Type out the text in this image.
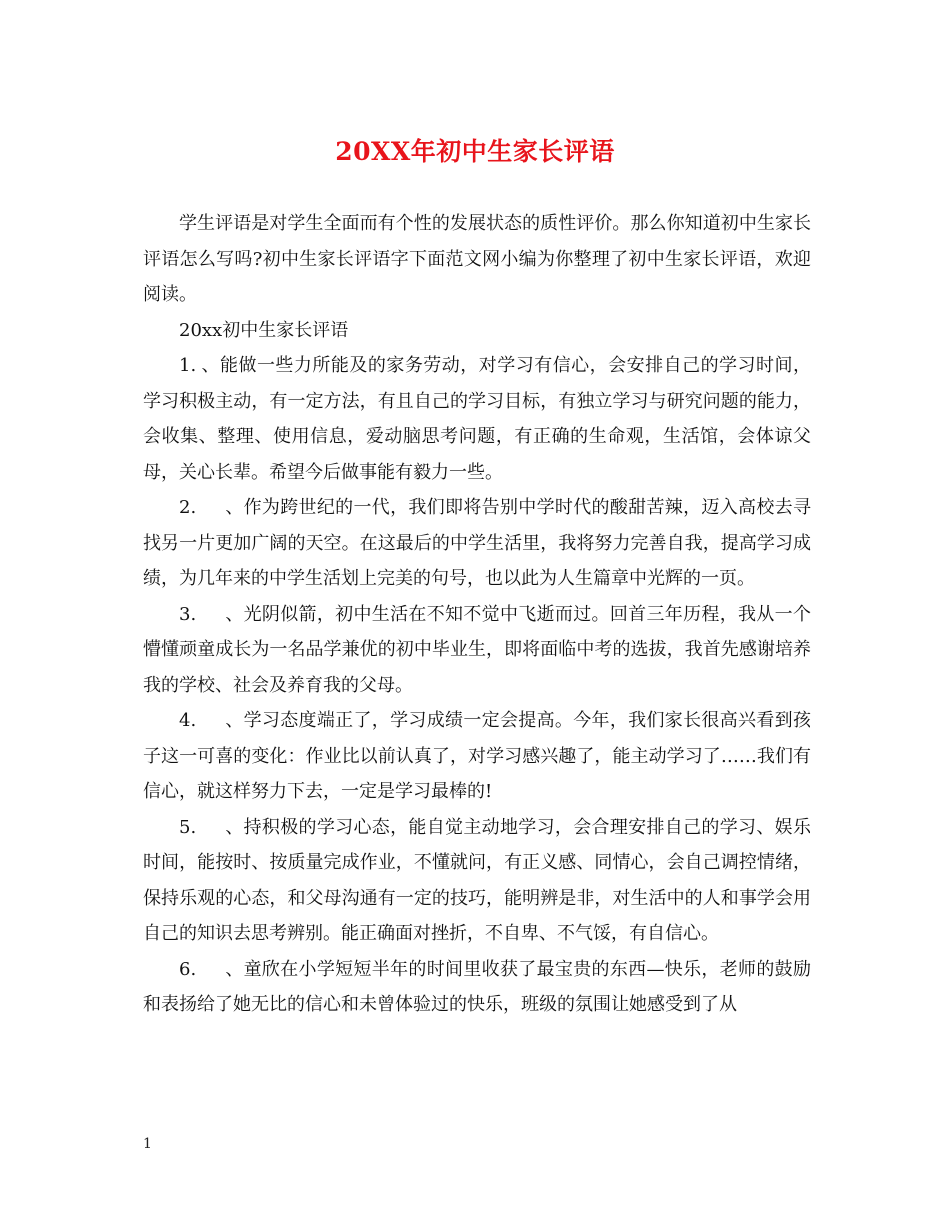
20XX年初中生家长评语

学生评语是对学生全面而有个性的发展状态的质性评价。那么你知道初中生家长评语怎么写吗?初中生家长评语字下面范文网小编为你整理了初中生家长评语，欢迎阅读。

20xx初中生家长评语

1. 、能做一些力所能及的家务劳动，对学习有信心，会安排自己的学习时间，学习积极主动，有一定方法，有且自己的学习目标，有独立学习与研究问题的能力，会收集、整理、使用信息，爱动脑思考问题，有正确的生命观，生活馆，会体谅父母，关心长辈。希望今后做事能有毅力一些。

2. 、作为跨世纪的一代，我们即将告别中学时代的酸甜苦辣，迈入高校去寻找另一片更加广阔的天空。在这最后的中学生活里，我将努力完善自我，提高学习成绩，为几年来的中学生活划上完美的句号，也以此为人生篇章中光辉的一页。

3. 、光阴似箭，初中生活在不知不觉中飞逝而过。回首三年历程，我从一个懵懂顽童成长为一名品学兼优的初中毕业生，即将面临中考的选拔，我首先感谢培养我的学校、社会及养育我的父母。

4. 、学习态度端正了，学习成绩一定会提高。今年，我们家长很高兴看到孩子这一可喜的变化：作业比以前认真了，对学习感兴趣了，能主动学习了……我们有信心，就这样努力下去，一定是学习最棒的!

5. 、持积极的学习心态，能自觉主动地学习，会合理安排自己的学习、娱乐时间，能按时、按质量完成作业，不懂就问，有正义感、同情心，会自己调控情绪，保持乐观的心态，和父母沟通有一定的技巧，能明辨是非，对生活中的人和事学会用自己的知识去思考辨别。能正确面对挫折，不自卑、不气馁，有自信心。

6. 、童欣在小学短短半年的时间里收获了最宝贵的东西—快乐，老师的鼓励和表扬给了她无比的信心和未曾体验过的快乐，班级的氛围让她感受到了从

1
